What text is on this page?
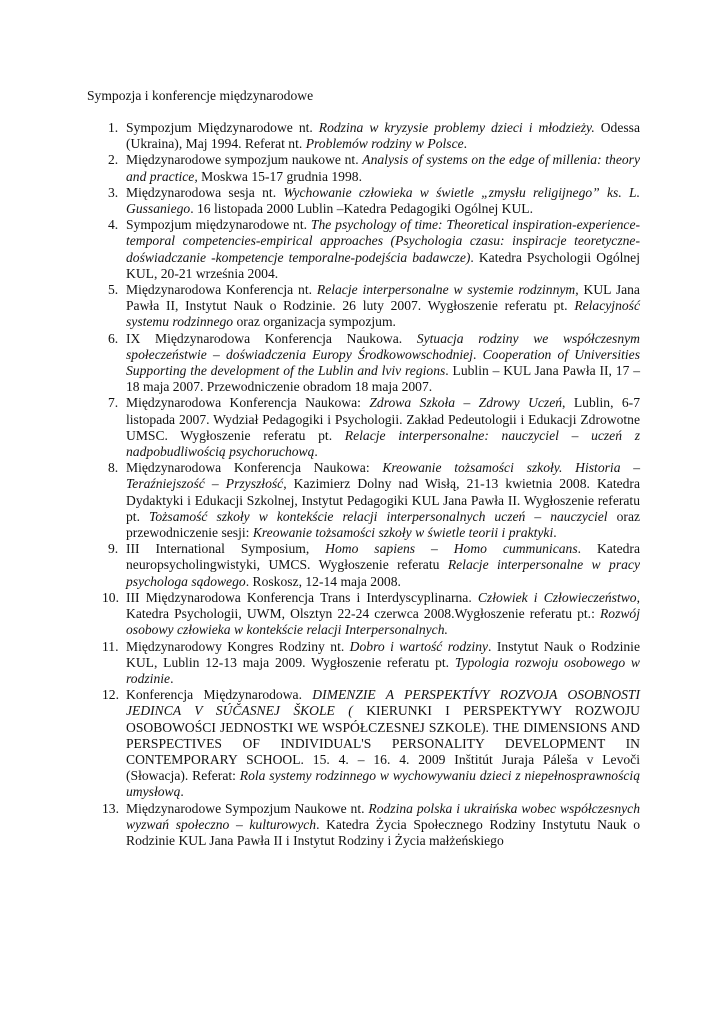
Sympozja i konferencje międzynarodowe
1. Sympozjum Międzynarodowe nt. Rodzina w kryzysie problemy dzieci i młodzieży. Odessa (Ukraina), Maj 1994. Referat nt. Problemów rodziny w Polsce.
2. Międzynarodowe sympozjum naukowe nt. Analysis of systems on the edge of millenia: theory and practice, Moskwa 15-17 grudnia 1998.
3. Międzynarodowa sesja nt. Wychowanie człowieka w świetle „zmysłu religijnego” ks. L. Gussaniego. 16 listopada 2000 Lublin –Katedra Pedagogiki Ogólnej KUL.
4. Sympozjum międzynarodowe nt. The psychology of time: Theoretical inspiration-experience- temporal competencies-empirical approaches (Psychologia czasu: inspiracje teoretyczne-doświadczanie -kompetencje temporalne-podejścia badawcze). Katedra Psychologii Ogólnej KUL, 20-21 września 2004.
5. Międzynarodowa Konferencja nt. Relacje interpersonalne w systemie rodzinnym, KUL Jana Pawła II, Instytut Nauk o Rodzinie. 26 luty 2007. Wygłoszenie referatu pt. Relacyjność systemu rodzinnego oraz organizacja sympozjum.
6. IX Międzynarodowa Konferencja Naukowa. Sytuacja rodziny we współczesnym społeczeństwie – doświadczenia Europy Środkowowschodniej. Cooperation of Universities Supporting the development of the Lublin and lviv regions. Lublin – KUL Jana Pawła II, 17 – 18 maja 2007. Przewodniczenie obradom 18 maja 2007.
7. Międzynarodowa Konferencja Naukowa: Zdrowa Szkoła – Zdrowy Uczeń, Lublin, 6-7 listopada 2007. Wydział Pedagogiki i Psychologii. Zakład Pedeutologii i Edukacji Zdrowotne UMSC. Wygłoszenie referatu pt. Relacje interpersonalne: nauczyciel – uczeń z nadpobudliwością psychoruchową.
8. Międzynarodowa Konferencja Naukowa: Kreowanie tożsamości szkoły. Historia – Teraźniejszość – Przyszłość, Kazimierz Dolny nad Wisłą, 21-13 kwietnia 2008. Katedra Dydaktyki i Edukacji Szkolnej, Instytut Pedagogiki KUL Jana Pawła II. Wygłoszenie referatu pt. Tożsamość szkoły w kontekście relacji interpersonalnych uczeń – nauczyciel oraz przewodniczenie sesji: Kreowanie tożsamości szkoły w świetle teorii i praktyki.
9. III International Symposium, Homo sapiens – Homo cummunicans. Katedra neuropsycholingwistyki, UMCS. Wygłoszenie referatu Relacje interpersonalne w pracy psychologa sądowego. Roskosz, 12-14 maja 2008.
10. III Międzynarodowa Konferencja Trans i Interdyscyplinarna. Człowiek i Człowieczeństwo, Katedra Psychologii, UWM, Olsztyn 22-24 czerwca 2008.Wygłoszenie referatu pt.: Rozwój osobowy człowieka w kontekście relacji Interpersonalnych.
11. Międzynarodowy Kongres Rodziny nt. Dobro i wartość rodziny. Instytut Nauk o Rodzinie KUL, Lublin 12-13 maja 2009. Wygłoszenie referatu pt. Typologia rozwoju osobowego w rodzinie.
12. Konferencja Międzynarodowa. DIMENZIE A PERSPEKTÍVY ROZVOJA OSOBNOSTI JEDINCA V SÚČASNEJ ŠKOLE ( KIERUNKI I PERSPEKTYWY ROZWOJU OSOBOWOŚCI JEDNOSTKI WE WSPÓŁCZESNEJ SZKOLE). THE DIMENSIONS AND PERSPECTIVES OF INDIVIDUAL'S PERSONALITY DEVELOPMENT IN CONTEMPORARY SCHOOL. 15. 4. – 16. 4. 2009 Inštitút Juraja Páleša v Levoči (Słowacja). Referat: Rola systemy rodzinnego w wychowywaniu dzieci z niepełnosprawnością umysłową.
13. Międzynarodowe Sympozjum Naukowe nt. Rodzina polska i ukraińska wobec współczesnych wyzwań społeczno – kulturowych. Katedra Życia Społecznego Rodziny Instytutu Nauk o Rodzinie KUL Jana Pawła II i Instytut Rodziny i Życia małżeńskiego
